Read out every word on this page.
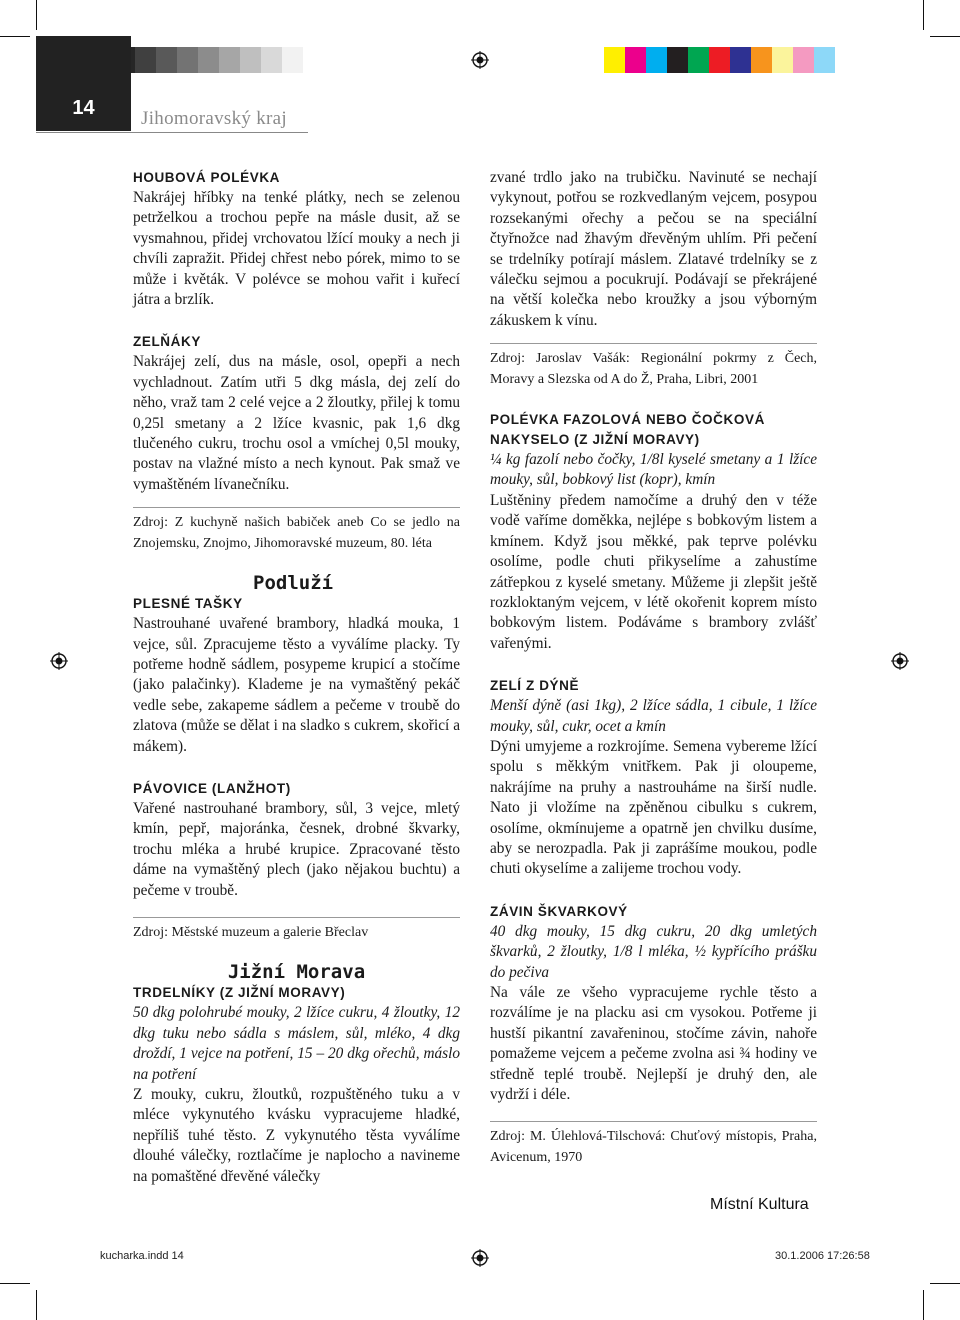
14	Jihomoravský kraj
HOUBOVÁ POLÉVKA

Nakrájej hříbky na tenké plátky, nech se zelenou petrželkou a trochou pepře na másle dusit, až se vysmahnou, přidej vrchovatou lžící mouky a nech ji chvíli zapražit. Přidej chřest nebo pórek, mimo to se může i květák. V polévce se mohou vařit i kuřecí játra a brzlík.

ZELŇÁKY

Nakrájej zelí, dus na másle, osol, opepři a nech vychladnout. Zatím utři 5 dkg másla, dej zelí do něho, vraž tam 2 celé vejce a 2 žloutky, přilej k tomu 0,25l smetany a 2 lžíce kvasnic, pak 1,6 dkg tlučeného cukru, trochu osol a vmíchej 0,5l mouky, postav na vlažné místo a nech kynout. Pak smaž ve vymaštěném lívanečníku.

Zdroj: Z kuchyně našich babiček aneb Co se jedlo na Znojemsku, Znojmo, Jihomoravské muzeum, 80. léta

Podluží
PLESNÉ TAŠKY

Nastrouhané uvařené brambory, hladká mouka, 1 vejce, sůl. Zpracujeme těsto a vyválíme placky. Ty potřeme hodně sádlem, posypeme krupicí a stočíme (jako palačinky). Klademe je na vymaštěný pekáč vedle sebe, zakapeme sádlem a pečeme v troubě do zlatova (může se dělat i na sladko s cukrem, skořicí a mákem).

PÁVOVICE (LANŽHOT)

Vařené nastrouhané brambory, sůl, 3 vejce, mletý kmín, pepř, majoránka, česnek, drobné škvarky, trochu mléka a hrubé krupice. Zpracované těsto dáme na vymaštěný plech (jako nějakou buchtu) a pečeme v troubě.

Zdroj: Městské muzeum a galerie Břeclav

Jižní Morava
TRDELNÍKY (Z JIŽNÍ MORAVY)

50 dkg polohrubé mouky, 2 lžíce cukru, 4 žloutky, 12 dkg tuku nebo sádla s máslem, sůl, mléko, 4 dkg droždí, 1 vejce na potření, 15 – 20 dkg ořechů, máslo na potření

Z mouky, cukru, žloutků, rozpuštěného tuku a v mléce vykynutého kvásku vypracujeme hladké, nepříliš tuhé těsto. Z vykynutého těsta vyválíme dlouhé válečky, roztlačíme je naplocho a navineme na pomaštěné dřevěné válečky

zvané trdlo jako na trubičku. Navinuté se nechají vykynout, potřou se rozkvedlaným vejcem, posypou rozsekanými ořechy a pečou se na speciální čtyřnožce nad žhavým dřevěným uhlím. Při pečení se trdelníky potírají máslem. Zlatavé trdelníky se z válečku sejmou a pocukrují. Podávají se překrájené na větší kolečka nebo kroužky a jsou výborným zákuskem k vínu.

Zdroj: Jaroslav Vašák: Regionální pokrmy z Čech, Moravy a Slezska od A do Ž, Praha, Libri, 2001

POLÉVKA FAZOLOVÁ NEBO ČOČKOVÁ NAKYSELO (Z JIŽNÍ MORAVY)

¼ kg fazolí nebo čočky, 1/8l kyselé smetany a 1 lžíce mouky, sůl, bobkový list (kopr), kmín

Luštěniny předem namočíme a druhý den v téže vodě vaříme doměkka, nejlépe s bobkovým listem a kmínem. Když jsou měkké, pak teprve polévku osolíme, podle chuti přikyselíme a zahustíme zátřepkou z kyselé smetany. Můžeme ji zlepšit ještě rozkloktaným vejcem, v létě okořenit koprem místo bobkovým listem. Podáváme s brambory zvlášť vařenými.

ZELÍ Z DÝNĚ

Menší dýně (asi 1kg), 2 lžíce sádla, 1 cibule, 1 lžíce mouky, sůl, cukr, ocet a kmín

Dýni umyjeme a rozkrojíme. Semena vybereme lžící spolu s měkkým vnitřkem. Pak ji oloupeme, nakrájíme na pruhy a nastrouháme na širší nudle. Nato ji vložíme na zpěněnou cibulku s cukrem, osolíme, okmínujeme a opatrně jen chvilku dusíme, aby se nerozpadla. Pak ji zaprášíme moukou, podle chuti okyselíme a zalijeme trochou vody.

ZÁVIN ŠKVARKOVÝ

40 dkg mouky, 15 dkg cukru, 20 dkg umletých škvarků, 2 žloutky, 1/8 l mléka, ½ kypřícího prášku do pečiva

Na vále ze všeho vypracujeme rychle těsto a rozválíme je na placku asi cm vysokou. Potřeme ji hustší pikantní zavařeninou, stočíme závin, nahoře pomažeme vejcem a pečeme zvolna asi ¾ hodiny ve středně teplé troubě. Nejlepší je druhý den, ale vydrží i déle.

Zdroj: M. Úlehlová-Tilschová: Chuťový místopis, Praha, Avicenum, 1970

Místní Kultura
kucharka.indd 14	30.1.2006 17:26:58
